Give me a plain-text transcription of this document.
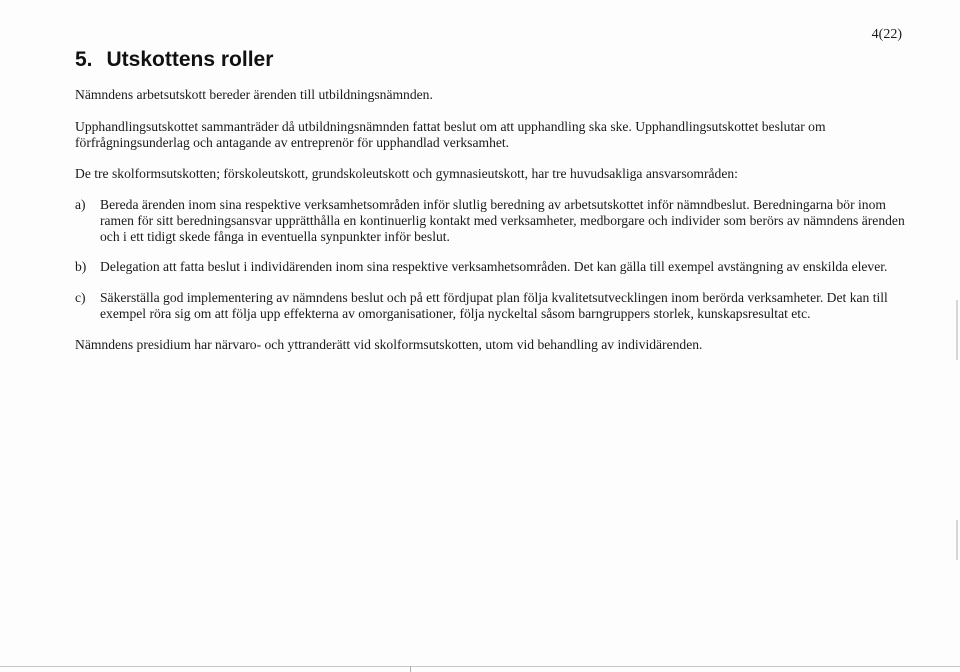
4(22)
5. Utskottens roller
Nämndens arbetsutskott bereder ärenden till utbildningsnämnden.
Upphandlingsutskottet sammanträder då utbildningsnämnden fattat beslut om att upphandling ska ske. Upphandlingsutskottet beslutar om förfrågningsunderlag och antagande av entreprenör för upphandlad verksamhet.
De tre skolformsutskotten; förskoleutskott, grundskoleutskott och gymnasieutskott, har tre huvudsakliga ansvarsområden:
a)	Bereda ärenden inom sina respektive verksamhetsområden inför slutlig beredning av arbetsutskottet inför nämndbeslut. Beredningarna bör inom ramen för sitt beredningsansvar upprätthålla en kontinuerlig kontakt med verksamheter, medborgare och individer som berörs av nämndens ärenden och i ett tidigt skede fånga in eventuella synpunkter inför beslut.
b)	Delegation att fatta beslut i individärenden inom sina respektive verksamhetsområden. Det kan gälla till exempel avstängning av enskilda elever.
c)	Säkerställa god implementering av nämndens beslut och på ett fördjupat plan följa kvalitetsutvecklingen inom berörda verksamheter. Det kan till exempel röra sig om att följa upp effekterna av omorganisationer, följa nyckeltal såsom barngruppers storlek, kunskapsresultat etc.
Nämndens presidium har närvaro- och yttranderätt vid skolformsutskotten, utom vid behandling av individärenden.
